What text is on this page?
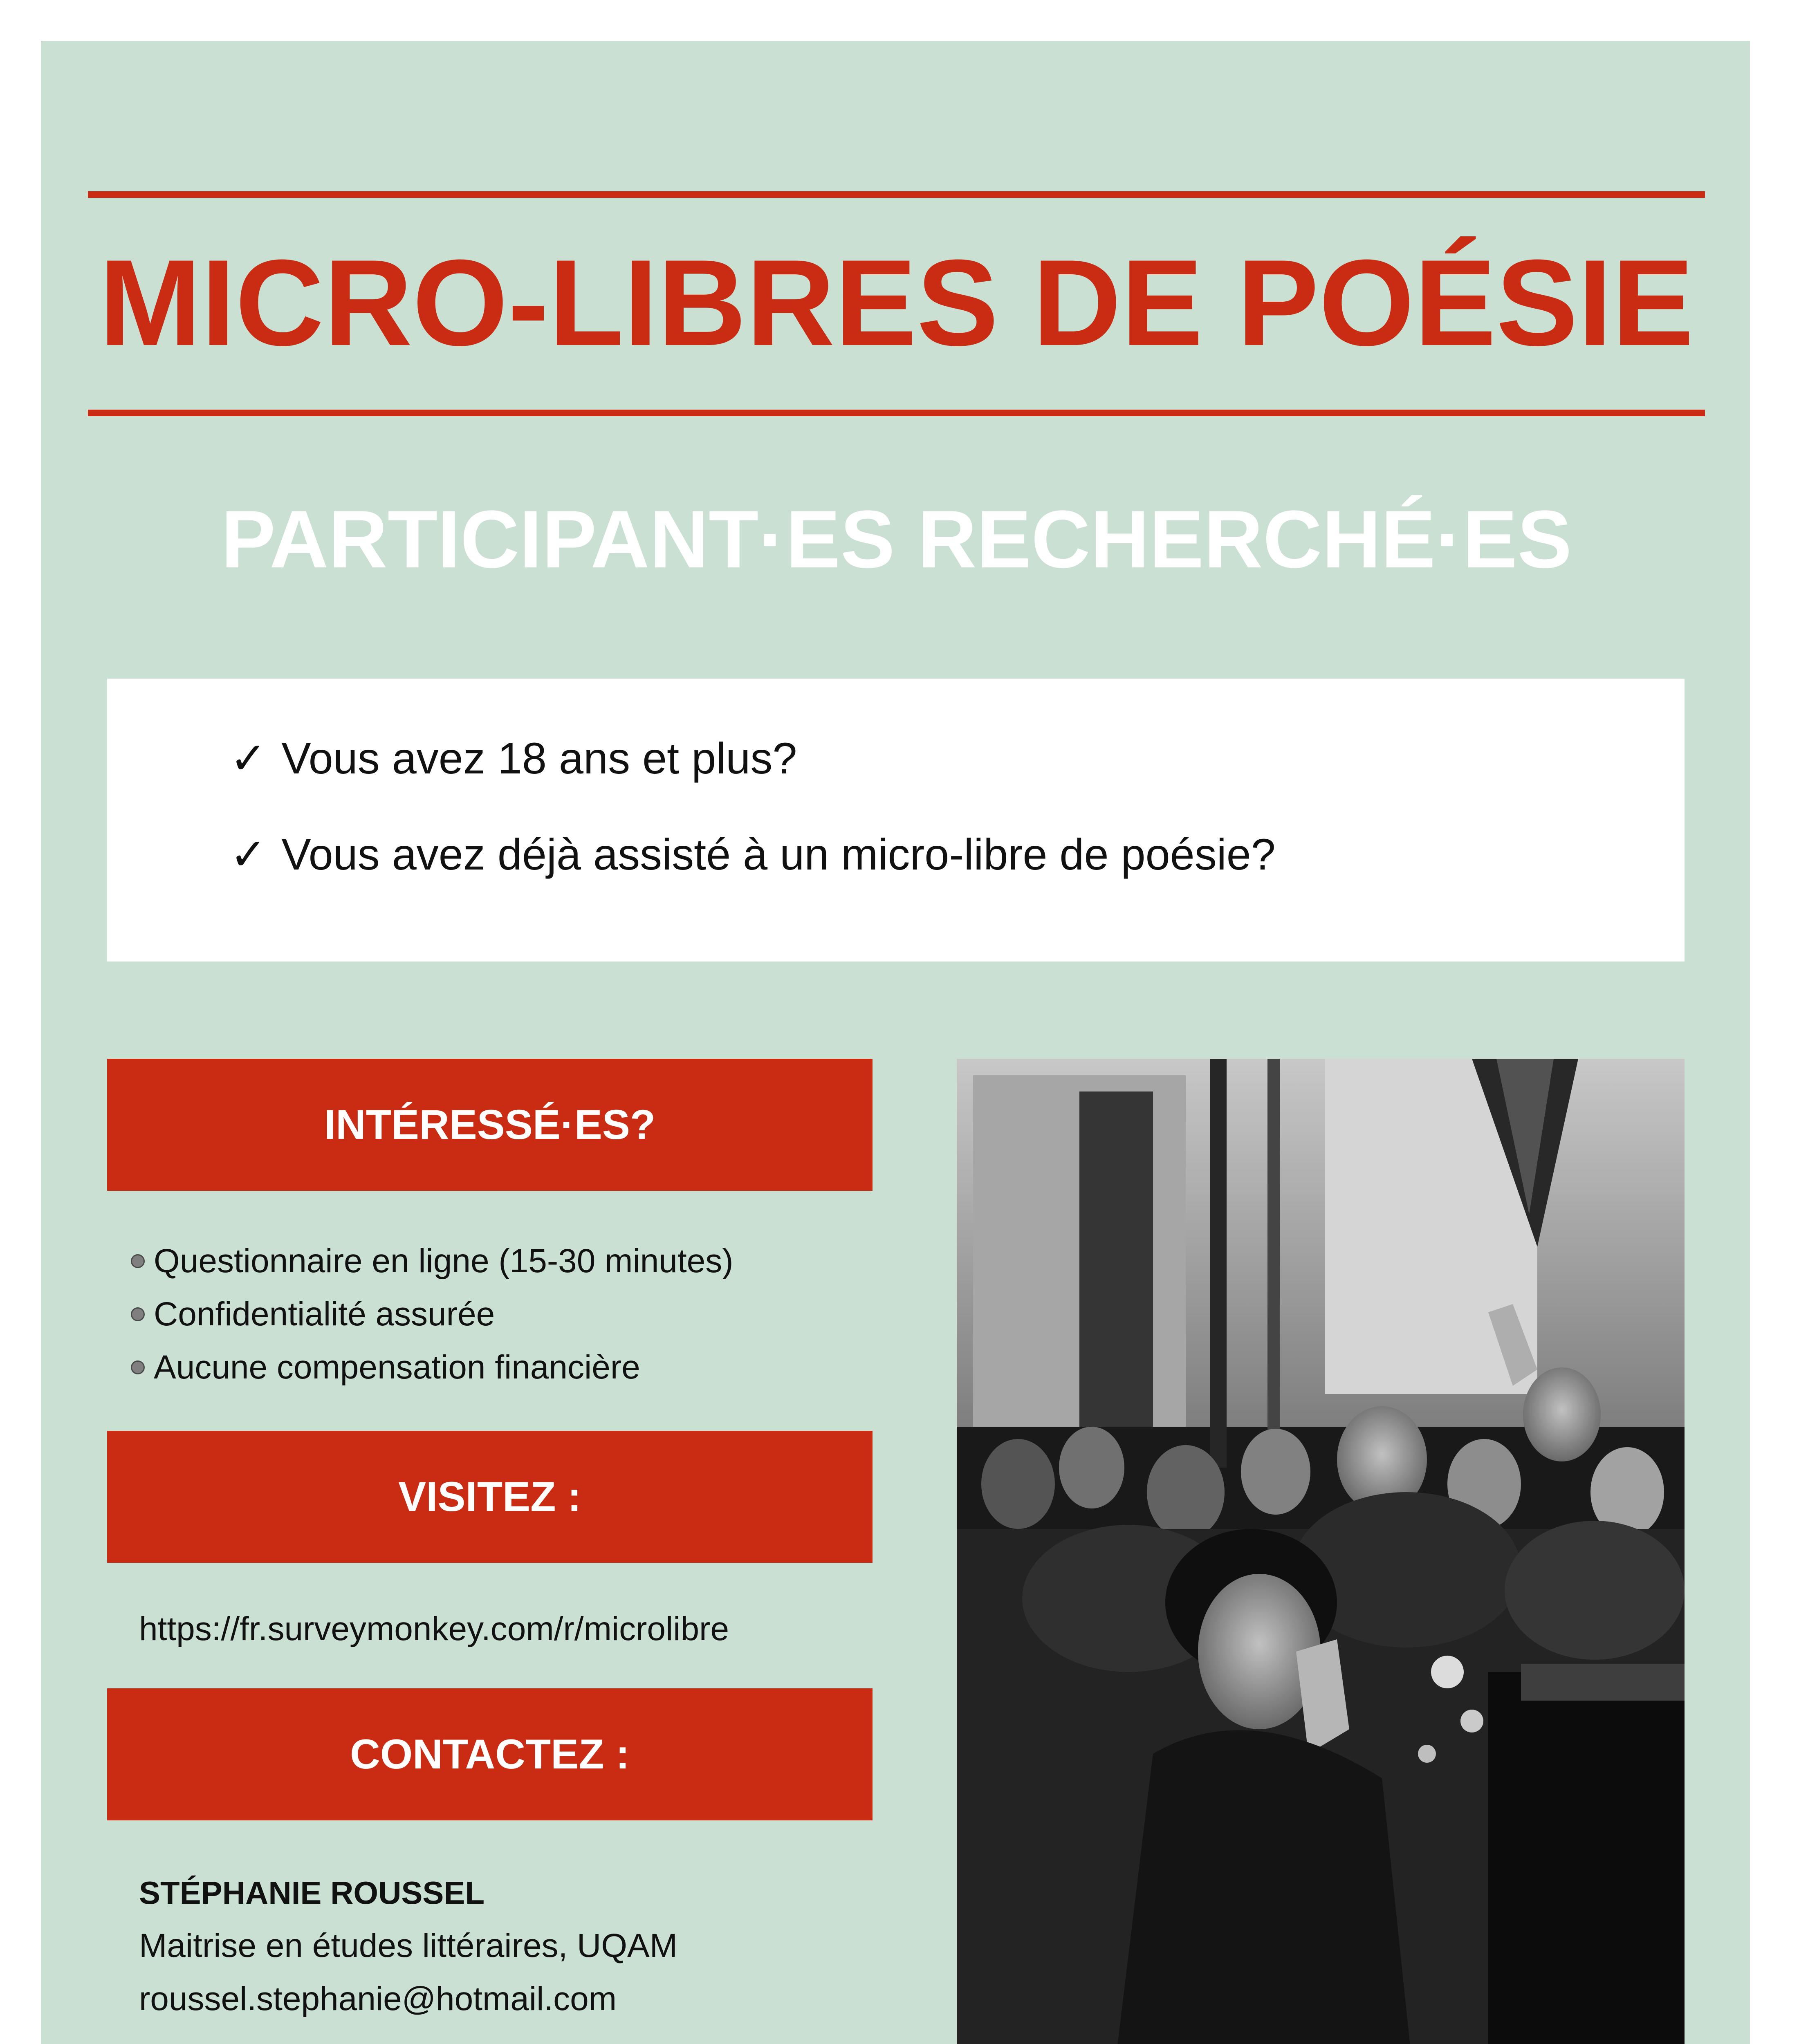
MICRO-LIBRES DE POÉSIE
PARTICIPANT·ES RECHERCHÉ·ES
✓ Vous avez 18 ans et plus?
✓ Vous avez déjà assisté à un micro-libre de poésie?
INTÉRESSÉ·ES?
Questionnaire en ligne (15-30 minutes)
Confidentialité assurée
Aucune compensation financière
VISITEZ :
https://fr.surveymonkey.com/r/microlibre
CONTACTEZ :
STÉPHANIE ROUSSEL
Maitrise en études littéraires, UQAM
roussel.stephanie@hotmail.com
